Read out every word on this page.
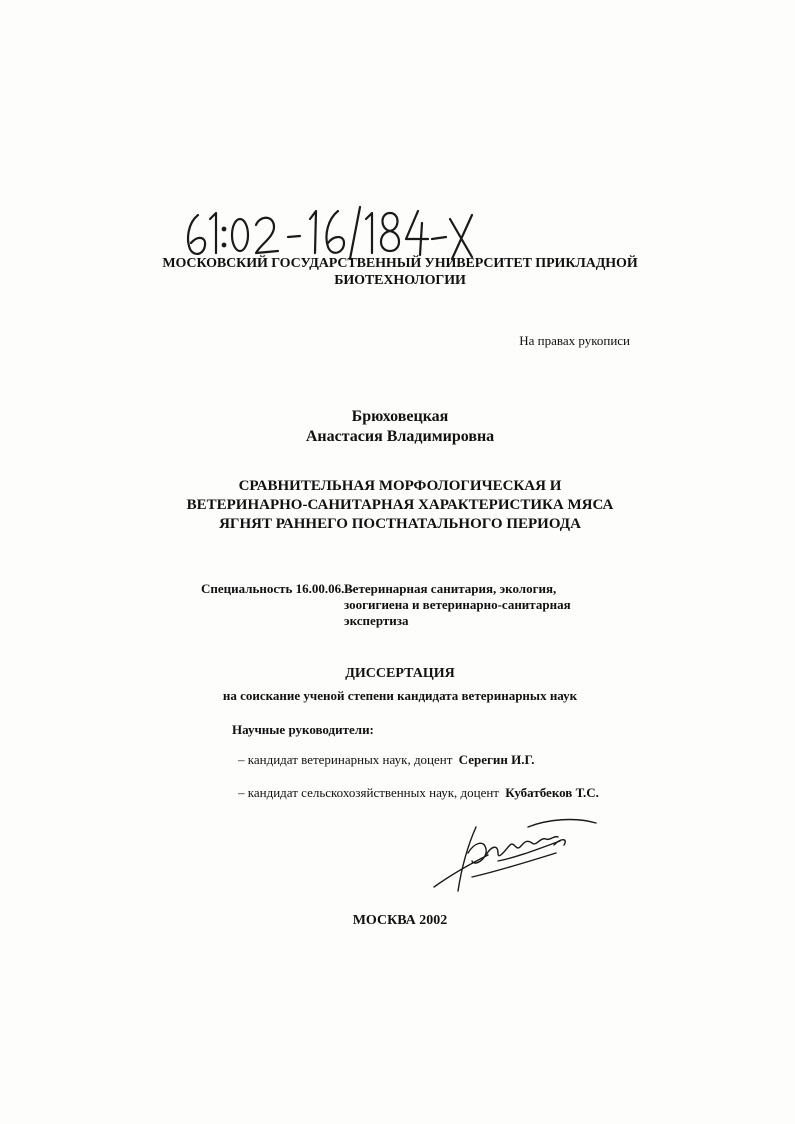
МОСКОВСКИЙ ГОСУДАРСТВЕННЫЙ УНИВЕРСИТЕТ ПРИКЛАДНОЙ
БИОТЕХНОЛОГИИ
На правах рукописи
Брюховецкая
Анастасия Владимировна
СРАВНИТЕЛЬНАЯ МОРФОЛОГИЧЕСКАЯ И
ВЕТЕРИНАРНО-САНИТАРНАЯ ХАРАКТЕРИСТИКА МЯСА
ЯГНЯТ РАННЕГО ПОСТНАТАЛЬНОГО ПЕРИОДА
Специальность 16.00.06. –
Ветеринарная санитария, экология,
зоогигиена и ветеринарно-санитарная
экспертиза
ДИССЕРТАЦИЯ
на соискание ученой степени кандидата ветеринарных наук
Научные руководители:
– кандидат ветеринарных наук, доцент Серегин И.Г.
– кандидат сельскохозяйственных наук, доцент Кубатбеков Т.С.
МОСКВА 2002
